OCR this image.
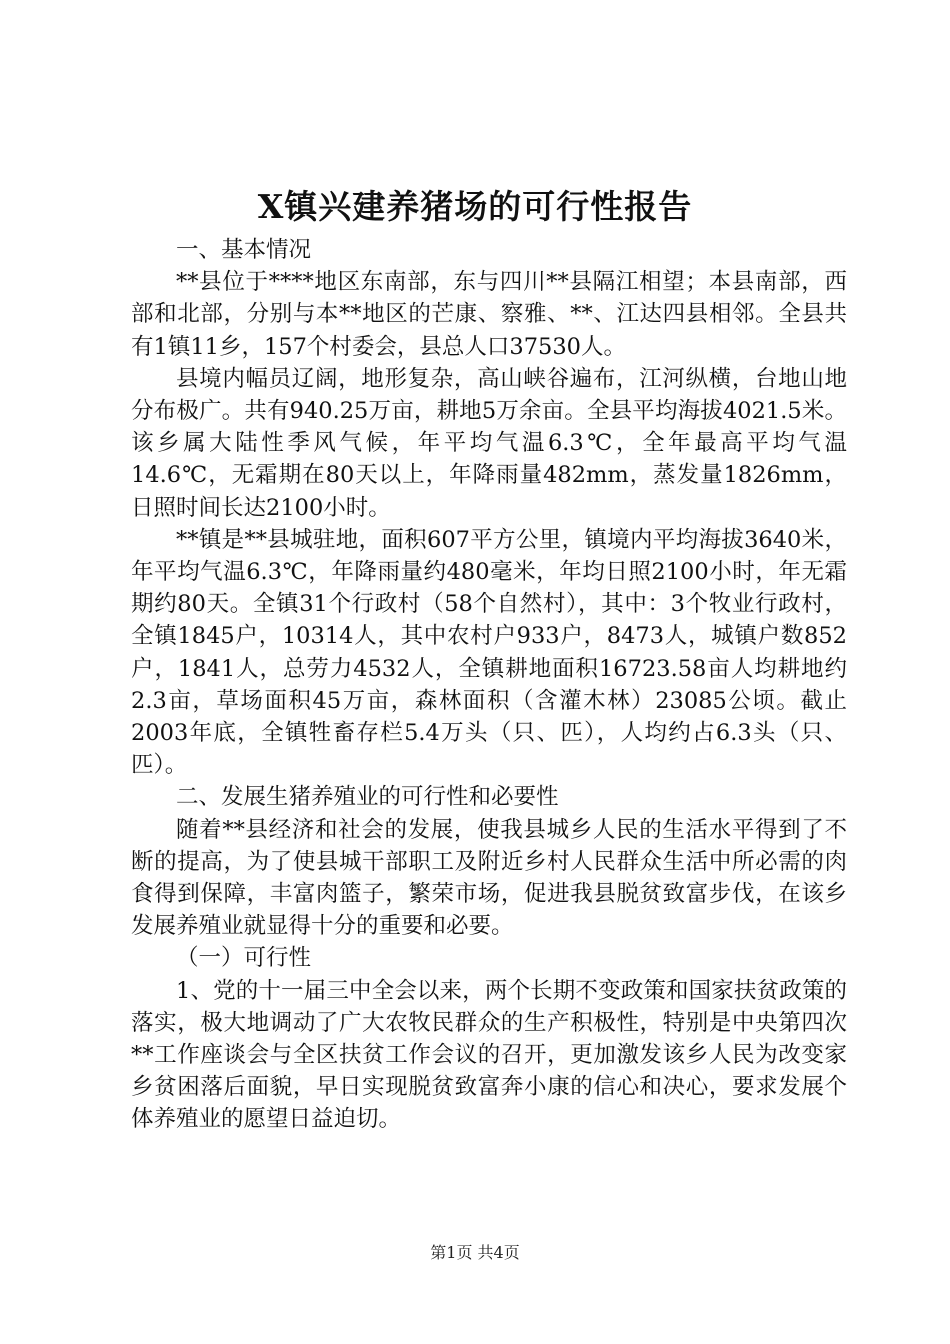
X镇兴建养猪场的可行性报告

一、基本情况

**县位于****地区东南部，东与四川**县隔江相望；本县南部，西部和北部，分别与本**地区的芒康、察雅、**、江达四县相邻。全县共有1镇11乡，157个村委会，县总人口37530人。

县境内幅员辽阔，地形复杂，高山峡谷遍布，江河纵横，台地山地分布极广。共有940.25万亩，耕地5万余亩。全县平均海拔4021.5米。该乡属大陆性季风气候，年平均气温6.3℃，全年最高平均气温14.6℃，无霜期在80天以上，年降雨量482mm，蒸发量1826mm，日照时间长达2100小时。

**镇是**县城驻地，面积607平方公里，镇境内平均海拔3640米，年平均气温6.3℃，年降雨量约480毫米，年均日照2100小时，年无霜期约80天。全镇31个行政村（58个自然村），其中：3个牧业行政村，全镇1845户，10314人，其中农村户933户，8473人，城镇户数852户，1841人，总劳力4532人，全镇耕地面积16723.58亩人均耕地约2.3亩，草场面积45万亩，森林面积（含灌木林）23085公顷。截止2003年底，全镇牲畜存栏5.4万头（只、匹），人均约占6.3头（只、匹）。

二、发展生猪养殖业的可行性和必要性

随着**县经济和社会的发展，使我县城乡人民的生活水平得到了不断的提高，为了使县城干部职工及附近乡村人民群众生活中所必需的肉食得到保障，丰富肉篮子，繁荣市场，促进我县脱贫致富步伐，在该乡发展养殖业就显得十分的重要和必要。

（一）可行性

1、党的十一届三中全会以来，两个长期不变政策和国家扶贫政策的落实，极大地调动了广大农牧民群众的生产积极性，特别是中央第四次**工作座谈会与全区扶贫工作会议的召开，更加激发该乡人民为改变家乡贫困落后面貌，早日实现脱贫致富奔小康的信心和决心，要求发展个体养殖业的愿望日益迫切。

第1页 共4页
